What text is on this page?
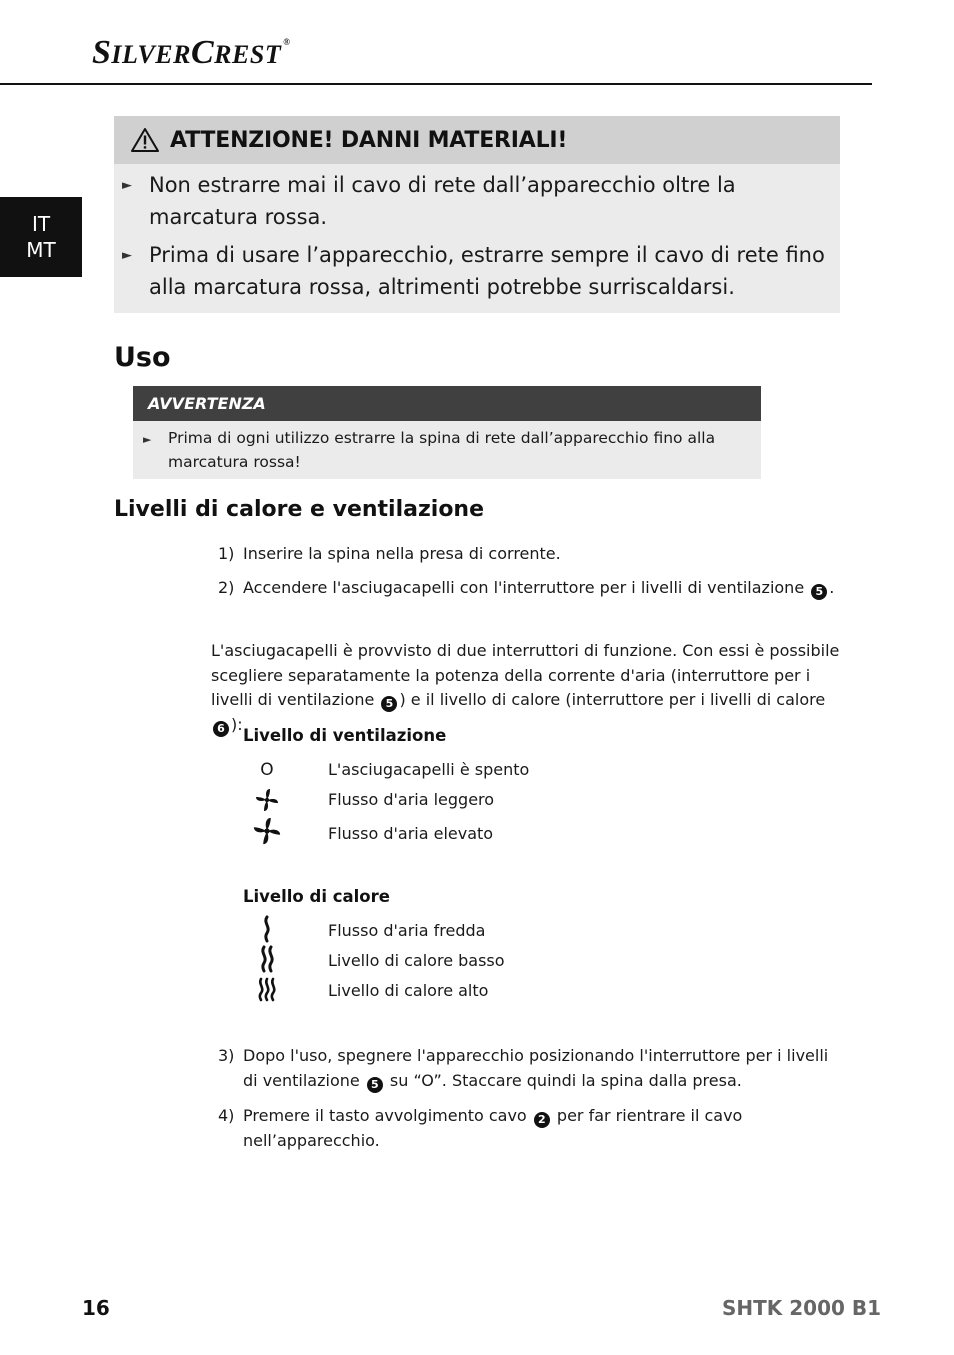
SILVERCREST ®
IT
MT
ATTENZIONE! DANNI MATERIALI!
► Non estrarre mai il cavo di rete dall’apparecchio oltre la marcatura rossa.
► Prima di usare l’apparecchio, estrarre sempre il cavo di rete fino alla marcatura rossa, altrimenti potrebbe surriscaldarsi.
Uso
AVVERTENZA
► Prima di ogni utilizzo estrarre la spina di rete dall’apparecchio fino alla marcatura rossa!
Livelli di calore e ventilazione
1) Inserire la spina nella presa di corrente.
2) Accendere l'asciugacapelli con l'interruttore per i livelli di ventilazione 5 .
L'asciugacapelli è provvisto di due interruttori di funzione. Con essi è possibile scegliere separatamente la potenza della corrente d'aria (interruttore per i livelli di ventilazione 5 ) e il livello di calore (interruttore per i livelli di calore 6 ):
Livello di ventilazione
O	L'asciugacapelli è spento
Flusso d'aria leggero
Flusso d'aria elevato
Livello di calore
Flusso d'aria fredda
Livello di calore basso
Livello di calore alto
3) Dopo l'uso, spegnere l'apparecchio posizionando l'interruttore per i livelli di ventilazione 5 su “O”. Staccare quindi la spina dalla presa.
4) Premere il tasto avvolgimento cavo 2 per far rientrare il cavo nell’apparecchio.
16	SHTK 2000 B1
